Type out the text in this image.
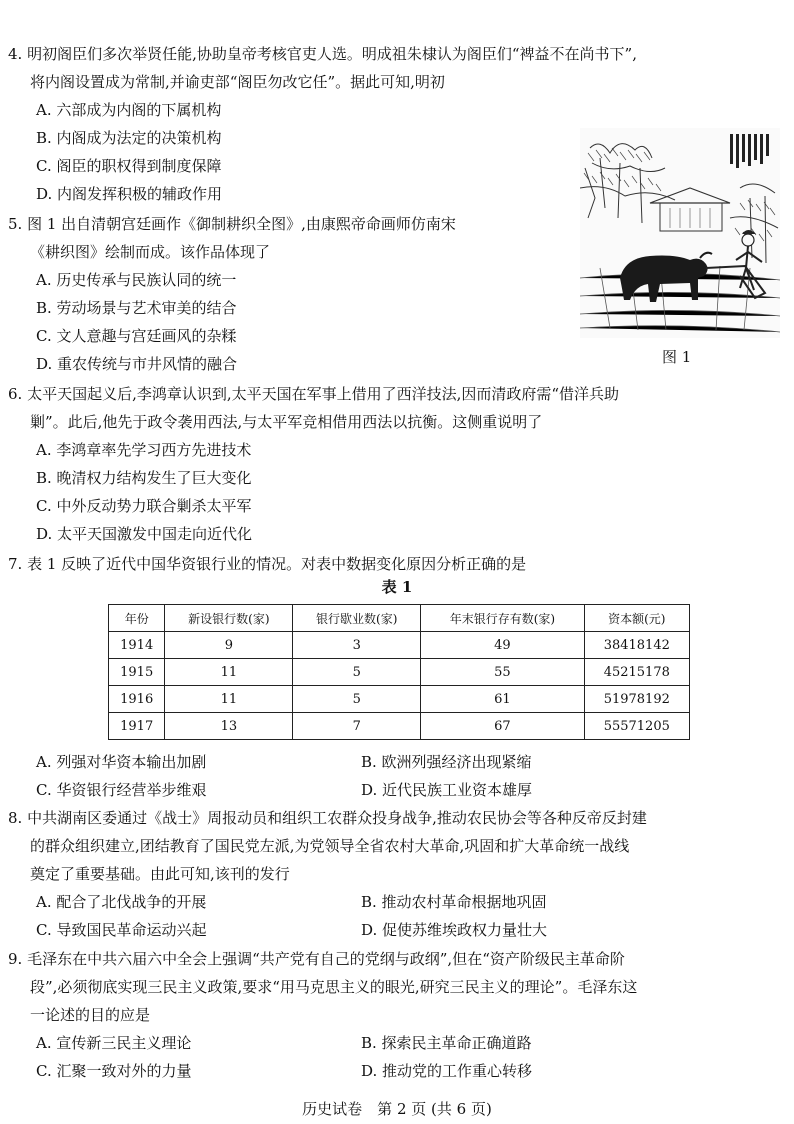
4. 明初阁臣们多次举贤任能,协助皇帝考核官吏人选。明成祖朱棣认为阁臣们“裨益不在尚书下”,
将内阁设置成为常制,并谕吏部“阁臣勿改它任”。据此可知,明初
A. 六部成为内阁的下属机构
B. 内阁成为法定的决策机构
C. 阁臣的职权得到制度保障
D. 内阁发挥积极的辅政作用
5. 图 1 出自清朝宫廷画作《御制耕织全图》,由康熙帝命画师仿南宋
《耕织图》绘制而成。该作品体现了
A. 历史传承与民族认同的统一
B. 劳动场景与艺术审美的结合
C. 文人意趣与宫廷画风的杂糅
D. 重农传统与市井风情的融合	图 1
6. 太平天国起义后,李鸿章认识到,太平天国在军事上借用了西洋技法,因而清政府需“借洋兵助
剿”。此后,他先于政令袭用西法,与太平军竞相借用西法以抗衡。这侧重说明了
A. 李鸿章率先学习西方先进技术
B. 晚清权力结构发生了巨大变化
C. 中外反动势力联合剿杀太平军
D. 太平天国激发中国走向近代化
7. 表 1 反映了近代中国华资银行业的情况。对表中数据变化原因分析正确的是
表 1
年份	新设银行数(家)	银行歇业数(家)	年末银行存有数(家)	资本额(元)
1914	9	3	49	38418142
1915	11	5	55	45215178
1916	11	5	61	51978192
1917	13	7	67	55571205
A. 列强对华资本输出加剧	B. 欧洲列强经济出现紧缩
C. 华资银行经营举步维艰	D. 近代民族工业资本雄厚
8. 中共湖南区委通过《战士》周报动员和组织工农群众投身战争,推动农民协会等各种反帝反封建
的群众组织建立,团结教育了国民党左派,为党领导全省农村大革命,巩固和扩大革命统一战线
奠定了重要基础。由此可知,该刊的发行
A. 配合了北伐战争的开展	B. 推动农村革命根据地巩固
C. 导致国民革命运动兴起	D. 促使苏维埃政权力量壮大
9. 毛泽东在中共六届六中全会上强调“共产党有自己的党纲与政纲”,但在“资产阶级民主革命阶
段”,必须彻底实现三民主义政策,要求“用马克思主义的眼光,研究三民主义的理论”。毛泽东这
一论述的目的应是
A. 宣传新三民主义理论	B. 探索民主革命正确道路
C. 汇聚一致对外的力量	D. 推动党的工作重心转移
历史试卷　第 2 页 (共 6 页)
